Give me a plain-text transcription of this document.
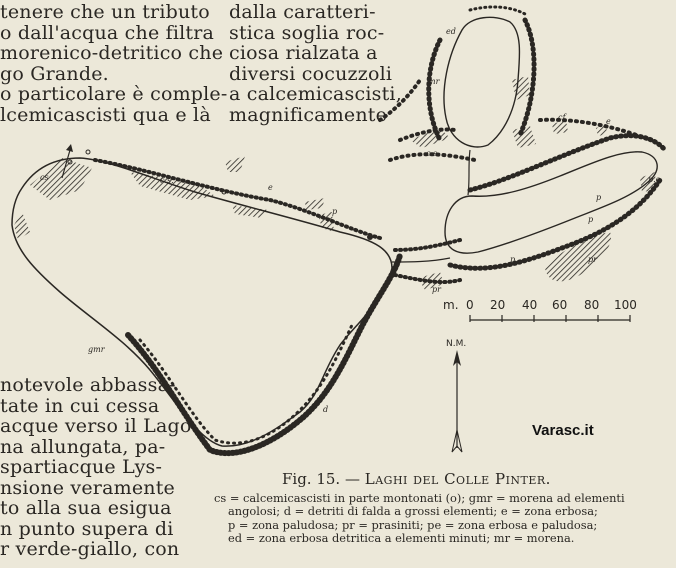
tenere che un tributo
o dall'acqua che filtra
morenico-detritico che
go Grande.
o particolare è comple-
lcemicascisti qua e là
dalla caratteri-
stica soglia roc-
ciosa rialzata a
diversi cocuzzoli
a calcemicascisti,
magnificamente
notevole abbassa-
tate in cui cessa
acque verso il Lago
na allungata, pa-
spartiacque Lys-
nsione veramente
to alla sua esigua
n punto supera di
r verde-giallo, con
cs	c.s.
gmr
d
e
p
pr
ed
mr
cf
c.s.
e
p.e
p
p
pr
p
m. 0 20 40 60 80 100
N.M.
Varasc.it
Fig. 15. — Laghi del Colle Pinter.
cs = calcemicascisti in parte montonati (o); gmr = morena ad elementi
angolosi; d = detriti di falda a grossi elementi; e = zona erbosa;
p = zona paludosa; pr = prasiniti; pe = zona erbosa e paludosa;
ed = zona erbosa detritica a elementi minuti; mr = morena.
